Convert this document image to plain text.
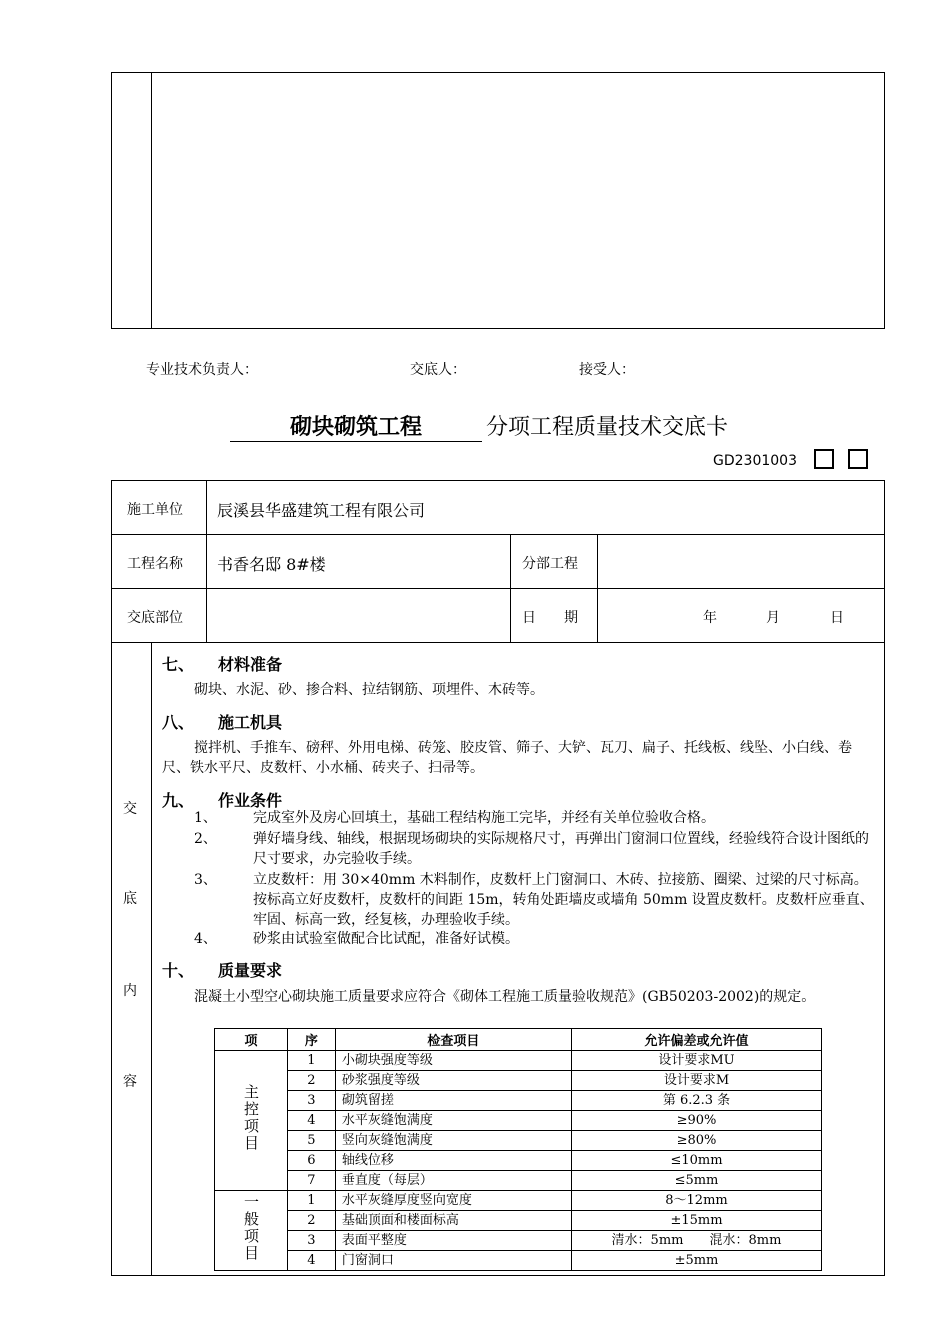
专业技术负责人：	交底人：	接受人：
砌块砌筑工程	分项工程质量技术交底卡
GD2301003
施工单位 辰溪县华盛建筑工程有限公司
工程名称 书香名邸 8#楼	分部工程
交底部位	日　　期	年	月	日
交
底
内
容
七、 材料准备
砌块、水泥、砂、掺合料、拉结钢筋、项埋件、木砖等。
八、 施工机具
搅拌机、手推车、磅秤、外用电梯、砖笼、胶皮管、筛子、大铲、瓦刀、扁子、托线板、线坠、小白线、卷尺、铁水平尺、皮数杆、小水桶、砖夹子、扫帚等。
九、 作业条件
1、	完成室外及房心回填土，基础工程结构施工完毕，并经有关单位验收合格。
2、	弹好墙身线、轴线，根据现场砌块的实际规格尺寸，再弹出门窗洞口位置线，经验线符合设计图纸的尺寸要求，办完验收手续。
3、	立皮数杆：用 30×40mm 木料制作，皮数杆上门窗洞口、木砖、拉接筋、圈梁、过梁的尺寸标高。按标高立好皮数杆，皮数杆的间距 15m，转角处距墙皮或墙角 50mm 设置皮数杆。皮数杆应垂直、牢固、标高一致，经复核，办理验收手续。
4、	砂浆由试验室做配合比试配，准备好试模。
十、 质量要求
混凝土小型空心砌块施工质量要求应符合《砌体工程施工质量验收规范》(GB50203-2002)的规定。
项	序	检查项目	允许偏差或允许值
主控项目	1	小砌块强度等级	设计要求MU
	2	砂浆强度等级	设计要求M
	3	砌筑留搓	第 6.2.3 条
	4	水平灰缝饱满度	≥90%
	5	竖向灰缝饱满度	≥80%
	6	轴线位移	≤10mm
	7	垂直度（每层）	≤5mm
一般项目	1	水平灰缝厚度竖向宽度	8～12mm
	2	基础顶面和楼面标高	±15mm
	3	表面平整度	清水：5mm　　混水：8mm
	4	门窗洞口	±5mm
